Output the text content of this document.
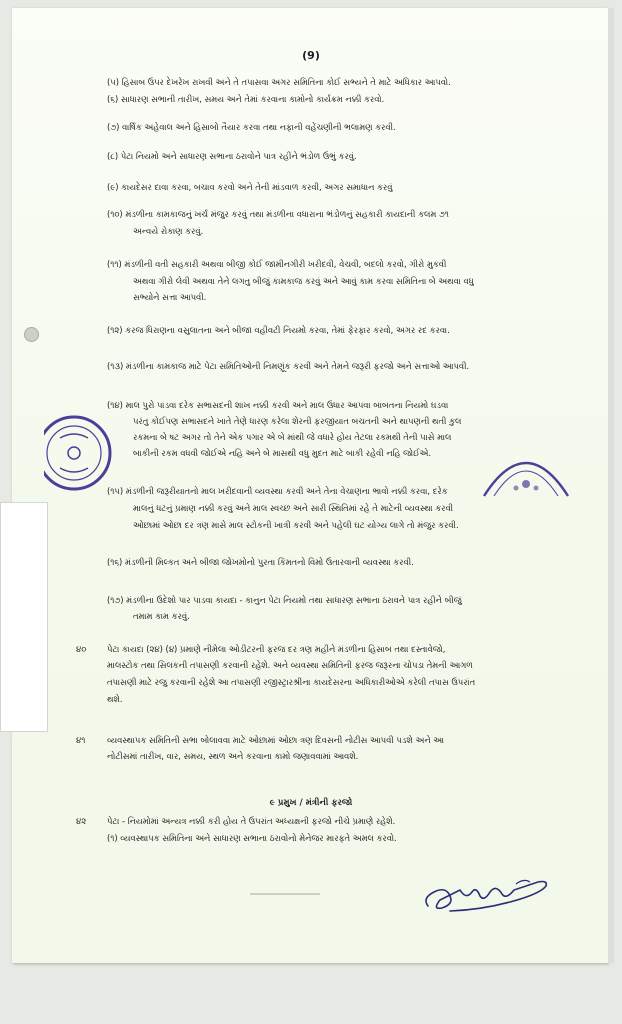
(9)
(૫) હિસાબ ઉપર દેખરેખ રાખવી અને તે તપાસવા અગર સમિતિના કોઈ સભ્યને તે માટે અધિકાર આપવો.
(૬) સાધારણ સભાની તારીખ, સમય અને તેમાં કરવાના કામોનો કાર્યક્રમ નક્કી કરવો.
(૭) વાર્ષિક અહેવાલ અને હિસાબો તૈયાર કરવા તથા નફાની વહેંચણીની ભલામણ કરવી.
(૮) પેટા નિયમો અને સાધારણ સભાના ઠરાવોને પાત્ર રહીને ભંડોળ ઉભું કરવું.
(૯) કાયદેસર દાવા કરવા, બચાવ કરવો અને તેની માંડવાળ કરવી, અગર સમાધાન કરવું
(૧૦) મંડળીના કામકાજનું ખર્ચ મંજુર કરવું તથા મંડળીના વધારાના ભંડોળનું સહકારી કાયદાની કલમ ૭૧
અન્વયે રોકાણ કરવું.
(૧૧) મંડળીની વતી સહકારી અથવા બીજી કોઈ જામીનગીરી ખરીદવી, વેચવી, બદલો કરવો, ગીરો મુકવી
અથવા ગીરો લેવી અથવા તેને લગતુ બીજું કામકાજ કરવું અને આવું કામ કરવા સમિતિના બે અથવા વધુ
સભ્યોને સત્તા આપવી.
(૧૨) કરજ ધિરાણના વસુલાતના અને બીજા વહીવટી નિયમો કરવા, તેમાં ફેરફાર કરવો, અગર રદ કરવા.
(૧૩) મંડળીના કામકાજ માટે પેટા સમિતિઓની નિમણૂંક કરવી અને તેમને જરૂરી ફરજો અને સત્તાઓ આપવી.
(૧૪) માલ પુરો પાડવા દરેક સભાસદની શાખ નક્કી કરવી અને માલ ઉધાર આપવા બાબતના નિયમો ઘડવા
પરંતુ કોઈપણ સભાસદને ખાતે તેણે ધારણ કરેલા શેરની ફરજીયાત બચતની અને થાપણની થતી કુલ
રકમના બે ષટ અગર તો તેને એક પગાર એ બે માંથી જે વધારે હોય તેટલા રકમથી તેની પાસે માલ
બાકીની રકમ વધવી જોઈએ નહિ અને બે માસથી વધુ મુદત માટે બાકી રહેવી નહિ જોઈએ.
(૧૫) મંડળીની જરૂરીયાતનો માલ ખરીદવાની વ્યવસ્થા કરવી અને તેના વેચાણના ભાવો નક્કી કરવા, દરેક
માલનું ધટનું પ્રમાણ નક્કી કરવું અને માલ સ્વચ્છ અને સારી સ્થિતિમાં રહે તે માટેની વ્યવસ્થા કરવી
ઓછામાં ઓછા દર ત્રણ માસે માલ સ્ટોકની ખાત્રી કરવી અને પહેલી ઘટ યોગ્ય લાગે તો મંજુર કરવી.
(૧૬) મંડળીની મિલ્કત અને બીજા જોખમોનો પુરતા કિંમતનો વિમો ઉતારવાની વ્યવસ્થા કરવી.
(૧૭) મંડળીના ઉદેશો પાર પાડવા કાયદા - કાનુન પેટા નિયમો તથા સાધારણ સભાના ઠરાવને પાત્ર રહીને બીજું
તમામ કામ કરવું.
૪૦ પેટા કાયદા (૨૪) (૪) પ્રમાણે નીમેલા ઓડીટરની ફરજ દર ત્રણ મહીને મંડળીના હિસાબ તથા દસ્તાવેજો,
માલસ્ટોક તથા સિલકની તપાસણી કરવાની રહેશે. અને વ્યવસ્થા સમિતિની ફરજ જરૂરના ચોપડા તેમની આગળ
તપાસણી માટે રજુ કરવાની રહેશે આ તપાસણી રજીસ્ટ્રારશ્રીના કાયદેસરના અધિકારીઓએ કરેલી તપાસ ઉપરાંત
થશે.
૪૧	વ્યવસ્થાપક સમિતિની સભા બોલાવવા માટે ઓછામાં ઓછા ત્રણ દિવસની નોટીસ આપવી પડશે અને આ
નોટીસમાં તારીખ, વાર, સમય, સ્થળ અને કરવાના કામો જણાવવામાં આવશે.
૪૨ પેટા - નિયમોમાં અન્યત્ર નક્કી કરી હોય તે ઉપરાંત અધ્યક્ષની ફરજો નીચે પ્રમાણે રહેશે.
(૧) વ્યવસ્થાપક સમિતિના અને સાધારણ સભાના ઠરાવોનો મેનેજર મારફતે અમલ કરવો.
૯ પ્રમુખ / મંત્રીની ફરજો
